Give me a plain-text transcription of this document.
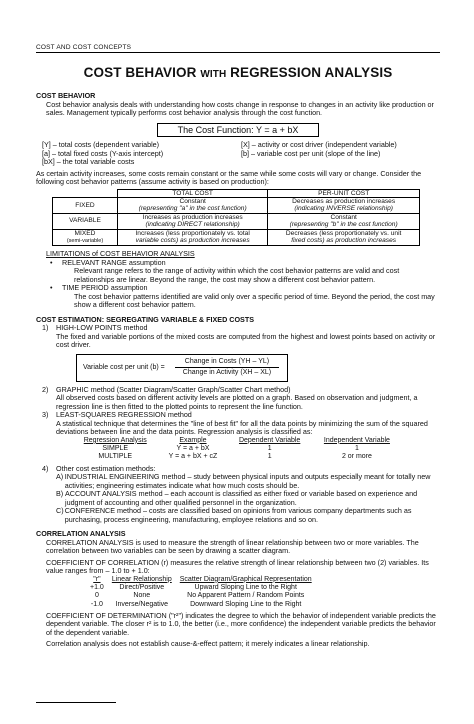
COST AND COST CONCEPTS
COST BEHAVIOR WITH REGRESSION ANALYSIS
COST BEHAVIOR

Cost behavior analysis deals with understanding how costs change in response to changes in an activity like production or sales. Management typically performs cost behavior analysis through the cost function.

The Cost Function: Y = a + bX

[Y] – total costs (dependent variable)

[a] – total fixed costs (Y-axis intercept)

[bX] – the total variable costs

[X] – activity or cost driver (independent variable)

[b] – variable cost per unit (slope of the line)

As certain activity increases, some costs remain constant or the same while some costs will vary or change. Consider the following cost behavior patterns (assume activity is based on production):

	TOTAL COST	PER-UNIT COST
FIXED	Constant
(representing "a" in the cost function)	Decreases as production increases
(indicating INVERSE relationship)
VARIABLE	Increases as production increases
(indicating DIRECT relationship)	Constant
(representing "b" in the cost function)
MIXED
(semi-variable)	Increases (less proportionately vs. total
variable costs) as production increases	Decreases (less proportionately vs. unit
fixed costs) as production increases

LIMITATIONS of COST BEHAVIOR ANALYSIS

•	RELEVANT RANGE assumption

Relevant range refers to the range of activity within which the cost behavior patterns are valid and cost relationships are linear. Beyond the range, the cost may show a different cost behavior pattern.

•	TIME PERIOD assumption

The cost behavior patterns identified are valid only over a specific period of time. Beyond the period, the cost may show a different cost behavior pattern.

COST ESTIMATION: SEGREGATING VARIABLE & FIXED COSTS
1)	HIGH-LOW POINTS method

The fixed and variable portions of the mixed costs are computed from the highest and lowest points based on activity or cost driver.

Variable cost per unit $(b) = \frac{\text{Change in Costs (YH – YL)}}{\text{Change in Activity (XH – XL)}}$
2)	GRAPHIC method (Scatter Diagram/Scatter Graph/Scatter Chart method)

All observed costs based on different activity levels are plotted on a graph. Based on observation and judgment, a regression line is then fitted to the plotted points to represent the line function.

3)	LEAST-SQUARES REGRESSION method

A statistical technique that determines the "line of best fit" for all the data points by minimizing the sum of the squared deviations between line and the data points. Regression analysis is classified as:

Regression Analysis	Example	Dependent Variable	Independent Variable
SIMPLE	Y = a + bX	1	1
MULTIPLE	Y = a + bX + cZ	1	2 or more
4)	Other cost estimation methods:
A) INDUSTRIAL ENGINEERING method – study between physical inputs and outputs especially meant for totally new activities; engineering estimates indicate what how much costs should be.
B) ACCOUNT ANALYSIS method – each account is classified as either fixed or variable based on experience and judgment of accounting and other qualified personnel in the organization.
C) CONFERENCE method – costs are classified based on opinions from various company departments such as purchasing, process engineering, manufacturing, employee relations and so on.
CORRELATION ANALYSIS

CORRELATION ANALYSIS is used to measure the strength of linear relationship between two or more variables. The correlation between two variables can be seen by drawing a scatter diagram.

COEFFICIENT OF CORRELATION (r) measures the relative strength of linear relationship between two (2) variables. Its value ranges from – 1.0 to + 1.0:

"r"	Linear Relationship	Scatter Diagram/Graphical Representation
+1.0	Direct/Positive	Upward Sloping Line to the Right
0	None	No Apparent Pattern / Random Points
-1.0	Inverse/Negative	Downward Sloping Line to the Right

COEFFICIENT OF DETERMINATION ("r²") indicates the degree to which the behavior of independent variable predicts the dependent variable. The closer r² is to 1.0, the better (i.e., more confidence) the independent variable predicts the behavior of the dependent variable.

Correlation analysis does not establish cause-&-effect pattern; it merely indicates a linear relationship.
